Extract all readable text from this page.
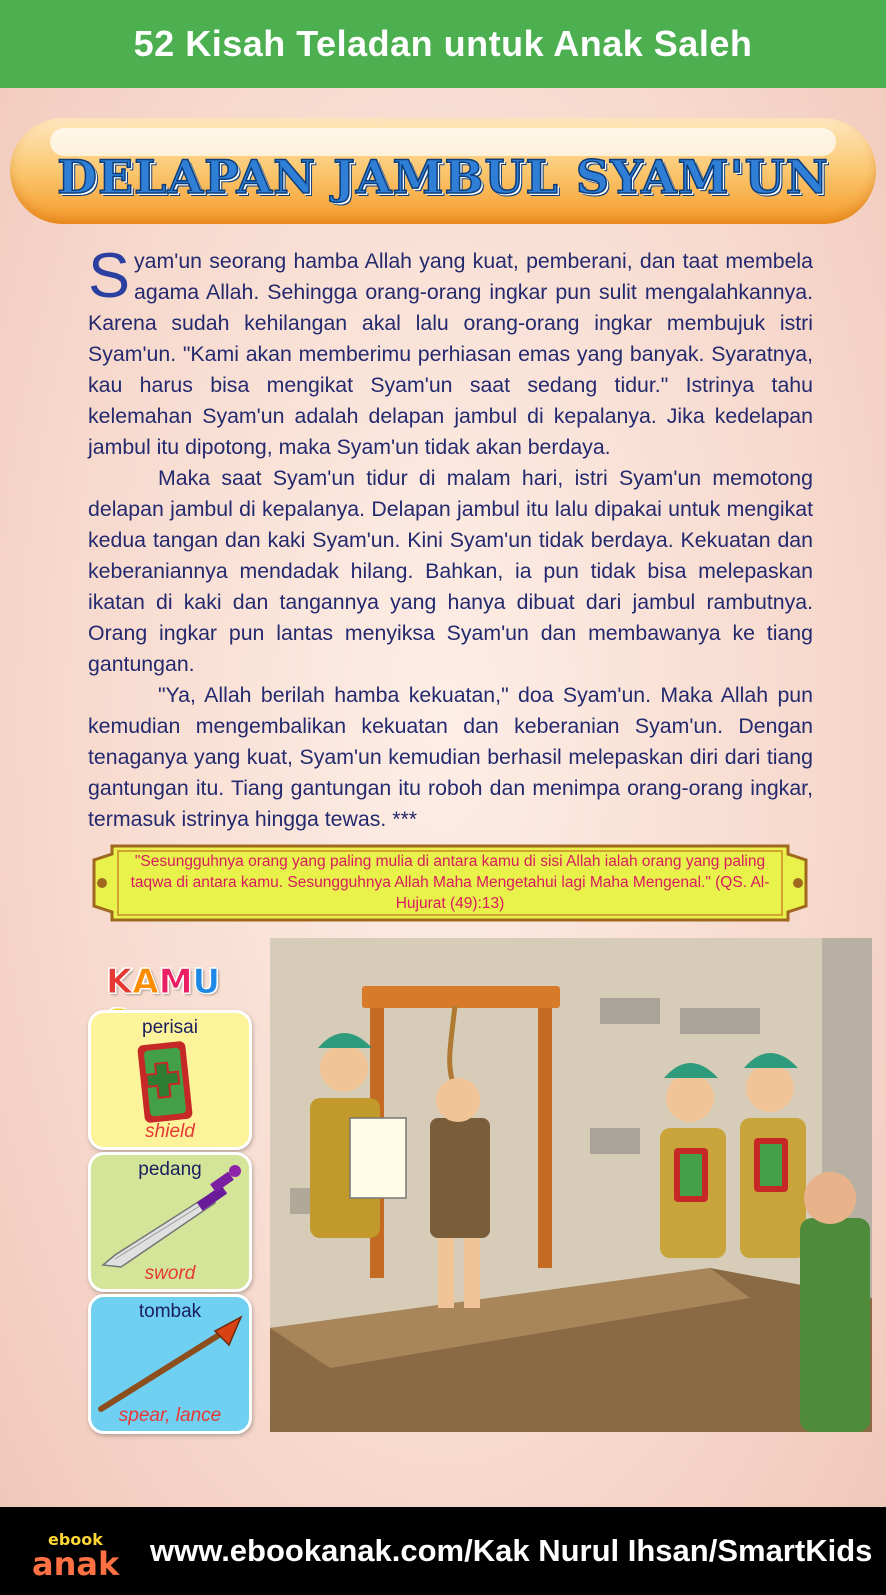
52 Kisah Teladan untuk Anak Saleh
DELAPAN JAMBUL SYAM'UN

Syam'un seorang hamba Allah yang kuat, pemberani, dan taat membela agama Allah. Sehingga orang-orang ingkar pun sulit mengalahkannya. Karena sudah kehilangan akal lalu orang-orang ingkar membujuk istri Syam'un. "Kami akan memberimu perhiasan emas yang banyak. Syaratnya, kau harus bisa mengikat Syam'un saat sedang tidur." Istrinya tahu kelemahan Syam'un adalah delapan jambul di kepalanya. Jika kedelapan jambul itu dipotong, maka Syam'un tidak akan berdaya.

Maka saat Syam'un tidur di malam hari, istri Syam'un memotong delapan jambul di kepalanya. Delapan jambul itu lalu dipakai untuk mengikat kedua tangan dan kaki Syam'un. Kini Syam'un tidak berdaya. Kekuatan dan keberaniannya mendadak hilang. Bahkan, ia pun tidak bisa melepaskan ikatan di kaki dan tangannya yang hanya dibuat dari jambul rambutnya. Orang ingkar pun lantas menyiksa Syam'un dan membawanya ke tiang gantungan.

"Ya, Allah berilah hamba kekuatan," doa Syam'un. Maka Allah pun kemudian mengembalikan kekuatan dan keberanian Syam'un. Dengan tenaganya yang kuat, Syam'un kemudian berhasil melepaskan diri dari tiang gantungan itu. Tiang gantungan itu roboh dan menimpa orang-orang ingkar, termasuk istrinya hingga tewas. ***

"Sesungguhnya orang yang paling mulia di antara kamu di sisi Allah ialah orang yang paling taqwa di antara kamu. Sesungguhnya Allah Maha Mengetahui lagi Maha Mengenal." (QS. Al-Hujurat (49):13)
KAMU
perisai
shield
pedang
sword
tombak
spear, lance
ebook
anak www.ebookanak.com/Kak Nurul Ihsan/SmartKids
